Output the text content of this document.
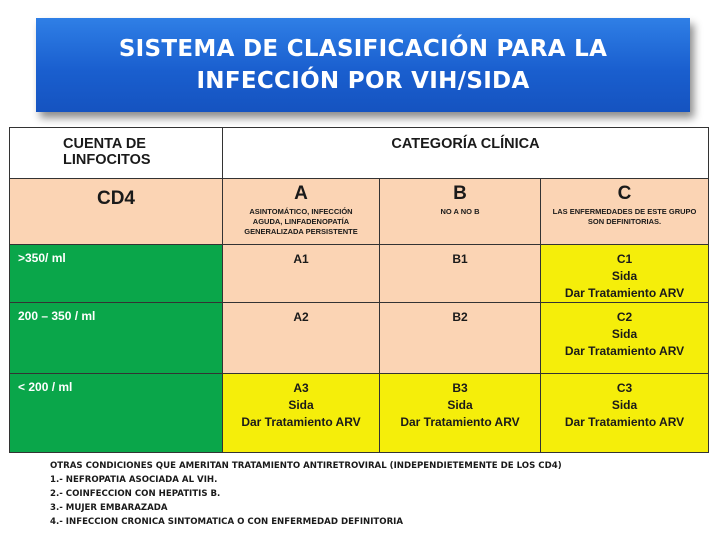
SISTEMA DE CLASIFICACIÓN PARA LA
INFECCIÓN POR VIH/SIDA
CUENTA DE
LINFOCITOS	CATEGORÍA CLÍNICA		
CD4	A
ASINTOMÁTICO, INFECCIÓN
AGUDA, LINFADENOPATÍA
GENERALIZADA PERSISTENTE	B
NO A NO B	C
LAS ENFERMEDADES DE ESTE GRUPO
SON DEFINITORIAS.

>350/ ml	A1	B1	C1
Sida
Dar Tratamiento ARV

200 – 350 / ml	A2	B2	C2
Sida
Dar Tratamiento ARV

< 200 / ml	A3
Sida
Dar Tratamiento ARV	B3
Sida
Dar Tratamiento ARV	C3
Sida
Dar Tratamiento ARV
OTRAS CONDICIONES QUE AMERITAN TRATAMIENTO ANTIRETROVIRAL (INDEPENDIETEMENTE DE LOS CD4)
1.- NEFROPATIA ASOCIADA AL VIH.
2.- COINFECCION CON HEPATITIS B.
3.- MUJER EMBARAZADA
4.- INFECCION CRONICA SINTOMATICA O CON ENFERMEDAD DEFINITORIA
